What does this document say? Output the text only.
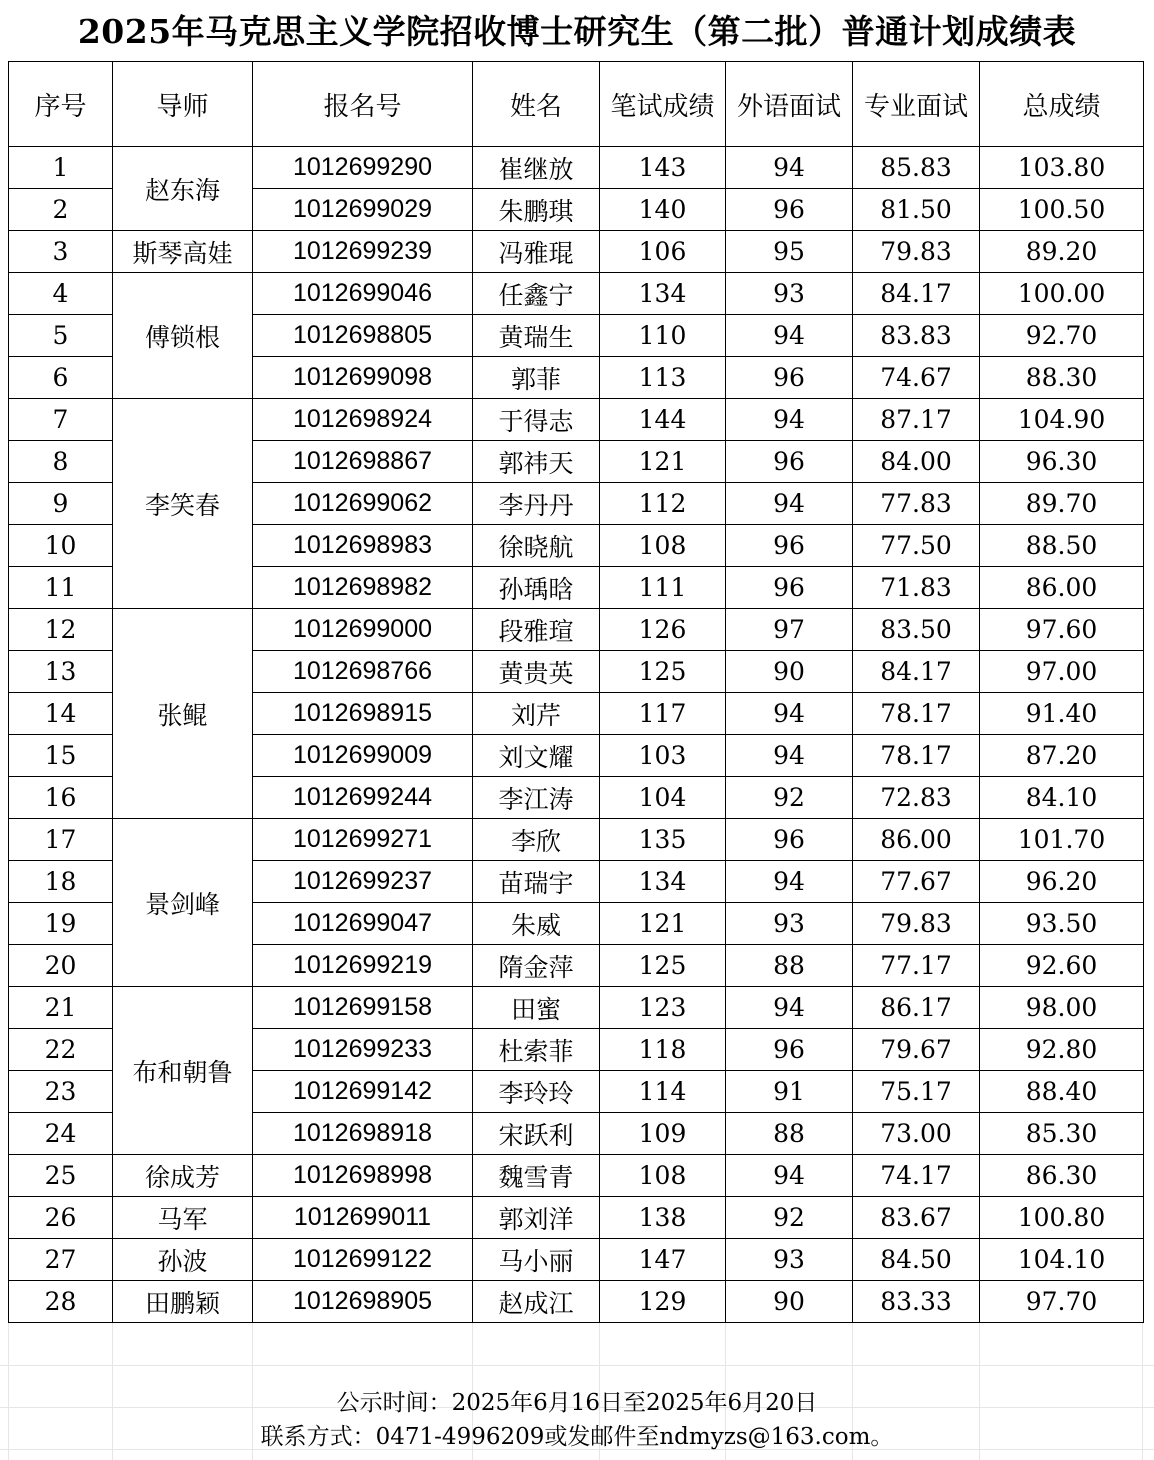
2025年马克思主义学院招收博士研究生（第二批）普通计划成绩表
序号	导师	报名号	姓名	笔试成绩	外语面试	专业面试	总成绩
1	赵东海	1012699290	崔继放	143	94	85.83	103.80
2		1012699029	朱鹏琪	140	96	81.50	100.50
3	斯琴高娃	1012699239	冯雅琨	106	95	79.83	89.20
4	傅锁根	1012699046	任鑫宁	134	93	84.17	100.00
5		1012698805	黄瑞生	110	94	83.83	92.70
6		1012699098	郭菲	113	96	74.67	88.30
7	李笑春	1012698924	于得志	144	94	87.17	104.90
8		1012698867	郭祎天	121	96	84.00	96.30
9		1012699062	李丹丹	112	94	77.83	89.70
10		1012698983	徐晓航	108	96	77.50	88.50
11		1012698982	孙瑀晗	111	96	71.83	86.00
12	张鲲	1012699000	段雅瑄	126	97	83.50	97.60
13		1012698766	黄贵英	125	90	84.17	97.00
14		1012698915	刘芹	117	94	78.17	91.40
15		1012699009	刘文耀	103	94	78.17	87.20
16		1012699244	李江涛	104	92	72.83	84.10
17	景剑峰	1012699271	李欣	135	96	86.00	101.70
18		1012699237	苗瑞宇	134	94	77.67	96.20
19		1012699047	朱威	121	93	79.83	93.50
20		1012699219	隋金萍	125	88	77.17	92.60
21	布和朝鲁	1012699158	田蜜	123	94	86.17	98.00
22		1012699233	杜索菲	118	96	79.67	92.80
23		1012699142	李玲玲	114	91	75.17	88.40
24		1012698918	宋跃利	109	88	73.00	85.30
25	徐成芳	1012698998	魏雪青	108	94	74.17	86.30
26	马军	1012699011	郭刘洋	138	92	83.67	100.80
27	孙波	1012699122	马小丽	147	93	84.50	104.10
28	田鹏颖	1012698905	赵成江	129	90	83.33	97.70
公示时间：2025年6月16日至2025年6月20日
联系方式：0471-4996209或发邮件至ndmyzs@163.com。
